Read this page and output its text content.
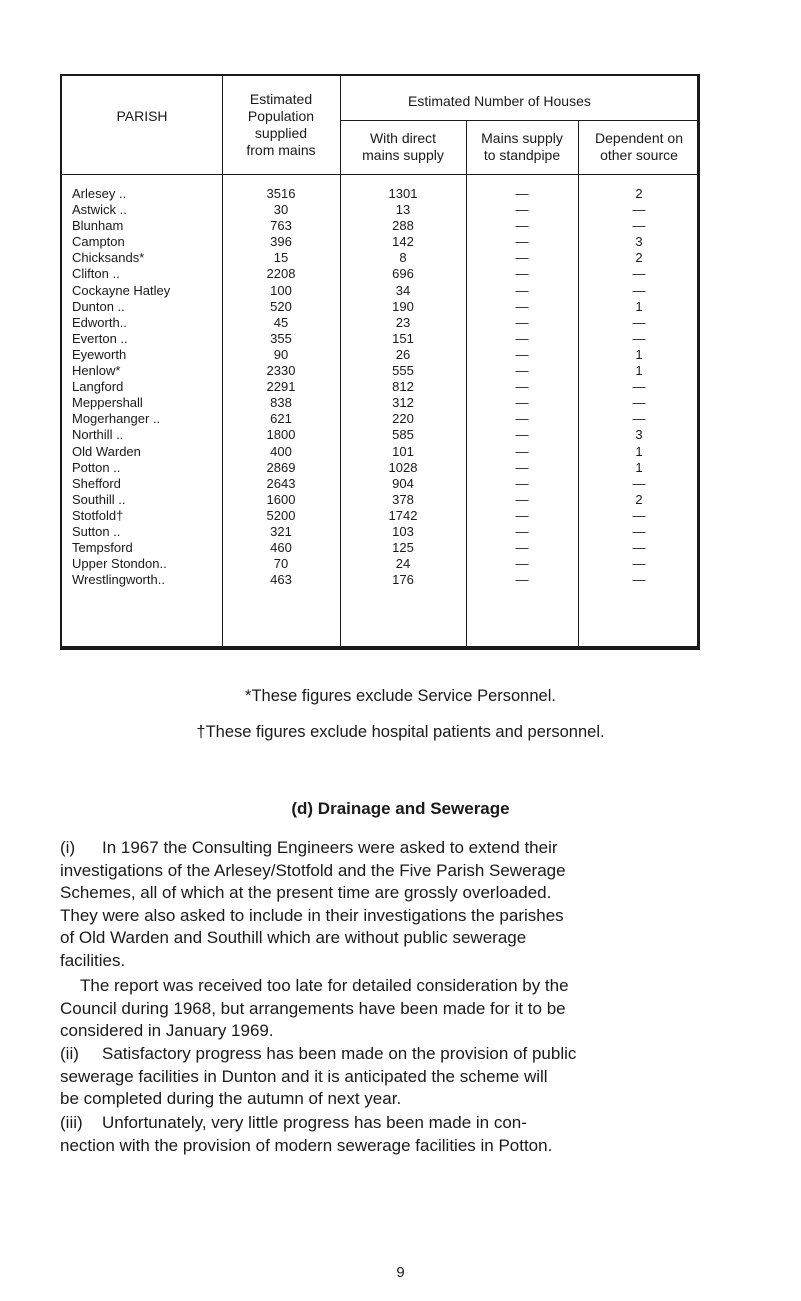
PARISH
Estimated
Population
supplied
from mains
Estimated Number of Houses
With direct
mains supply
Mains supply
to standpipe
Dependent on
other source
Arlesey ..
Astwick ..
Blunham
Campton
Chicksands*
Clifton ..
Cockayne Hatley
Dunton ..
Edworth..
Everton ..
Eyeworth
Henlow*
Langford
Meppershall
Mogerhanger ..
Northill ..
Old Warden
Potton ..
Shefford
Southill ..
Stotfold†
Sutton ..
Tempsford
Upper Stondon..
Wrestlingworth..
3516
30
763
396
15
2208
100
520
45
355
90
2330
2291
838
621
1800
400
2869
2643
1600
5200
321
460
70
463
1301
13
288
142
8
696
34
190
23
151
26
555
812
312
220
585
101
1028
904
378
1742
103
125
24
176
—
—
—
—
—
—
—
—
—
—
—
—
—
—
—
—
—
—
—
—
—
—
—
—
—
2
—
—
3
2
—
—
1
—
—
1
1
—
—
—
3
1
1
—
2
—
—
—
—
—
*These figures exclude Service Personnel.
†These figures exclude hospital patients and personnel.
(d) Drainage and Sewerage
(i) In 1967 the Consulting Engineers were asked to extend their
investigations of the Arlesey/Stotfold and the Five Parish Sewerage
Schemes, all of which at the present time are grossly overloaded.
They were also asked to include in their investigations the parishes
of Old Warden and Southill which are without public sewerage
facilities.
The report was received too late for detailed consideration by the
Council during 1968, but arrangements have been made for it to be
considered in January 1969.
(ii) Satisfactory progress has been made on the provision of public
sewerage facilities in Dunton and it is anticipated the scheme will
be completed during the autumn of next year.
(iii) Unfortunately, very little progress has been made in con-
nection with the provision of modern sewerage facilities in Potton.
9
